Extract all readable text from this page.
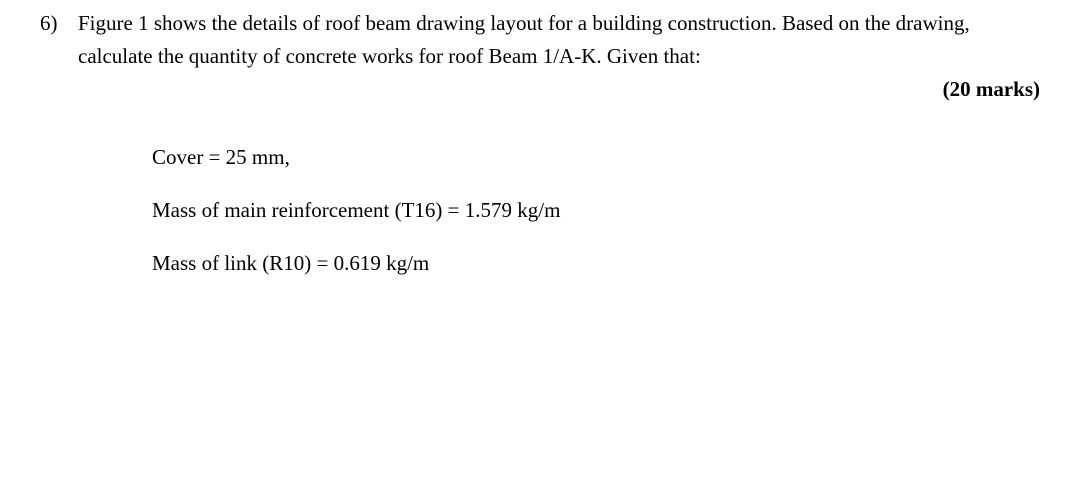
6) Figure 1 shows the details of roof beam drawing layout for a building construction. Based on the drawing, calculate the quantity of concrete works for roof Beam 1/A-K. Given that:
(20 marks)
Cover = 25 mm,
Mass of main reinforcement (T16) = 1.579 kg/m
Mass of link (R10) = 0.619 kg/m
